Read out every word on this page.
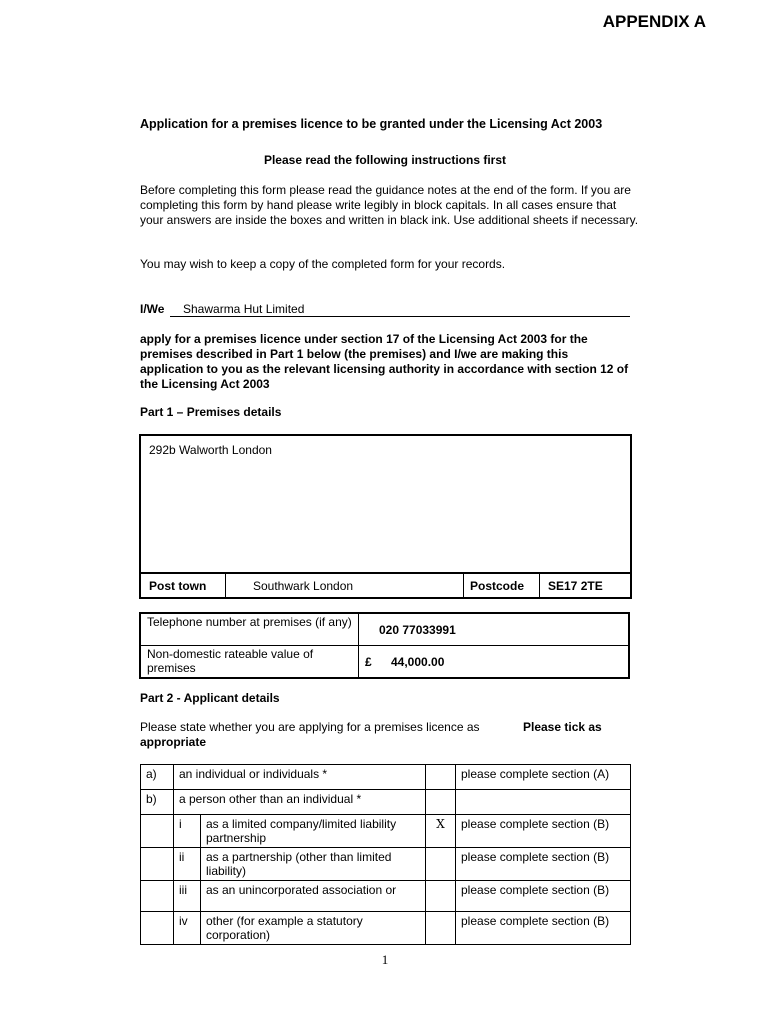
APPENDIX A
Application for a premises licence to be granted under the Licensing Act 2003
Please read the following instructions first
Before completing this form please read the guidance notes at the end of the form. If you are completing this form by hand please write legibly in block capitals. In all cases ensure that your answers are inside the boxes and written in black ink. Use additional sheets if necessary.
You may wish to keep a copy of the completed form for your records.
I/We	Shawarma Hut Limited
apply for a premises licence under section 17 of the Licensing Act 2003 for the premises described in Part 1 below (the premises) and I/we are making this application to you as the relevant licensing authority in accordance with section 12 of the Licensing Act 2003
Part 1 – Premises details
292b Walworth London
Post town	Southwark London	Postcode	SE17 2TE
Telephone number at premises (if any)	020 77033991
Non-domestic rateable value of premises	£ 44,000.00
Part 2 - Applicant details
Please state whether you are applying for a premises licence as	Please tick as

appropriate
a)	an individual or individuals *			please complete section (A)
b)	a person other than an individual *			
	i	as a limited company/limited liability partnership	X	please complete section (B)
	ii	as a partnership (other than limited liability)		please complete section (B)
	iii	as an unincorporated association or		please complete section (B)
	iv	other (for example a statutory corporation)		please complete section (B)
1
